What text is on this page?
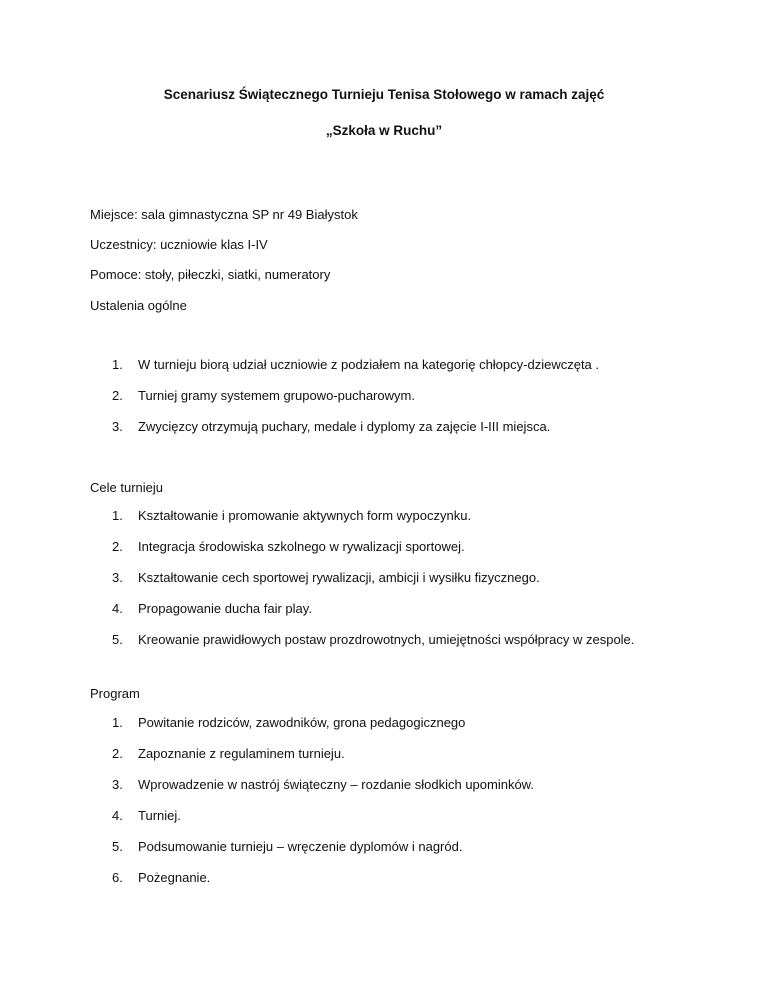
Scenariusz Świątecznego Turnieju Tenisa Stołowego w ramach zajęć
„Szkoła w Ruchu”
Miejsce: sala gimnastyczna SP nr 49 Białystok
Uczestnicy: uczniowie klas I-IV
Pomoce: stoły, piłeczki, siatki, numeratory
Ustalenia ogólne
1. W turnieju biorą udział uczniowie z podziałem na kategorię chłopcy-dziewczęta .
2. Turniej gramy systemem grupowo-pucharowym.
3. Zwycięzcy otrzymują puchary, medale i dyplomy za zajęcie I-III miejsca.
Cele turnieju
1. Kształtowanie i promowanie aktywnych form wypoczynku.
2. Integracja środowiska szkolnego w rywalizacji sportowej.
3. Kształtowanie cech sportowej rywalizacji, ambicji i wysiłku fizycznego.
4. Propagowanie ducha fair play.
5. Kreowanie prawidłowych postaw prozdrowotnych, umiejętności współpracy w zespole.
Program
1. Powitanie rodziców, zawodników, grona pedagogicznego
2. Zapoznanie z regulaminem turnieju.
3. Wprowadzenie w nastrój świąteczny – rozdanie słodkich upominków.
4. Turniej.
5. Podsumowanie turnieju – wręczenie dyplomów i nagród.
6. Pożegnanie.
